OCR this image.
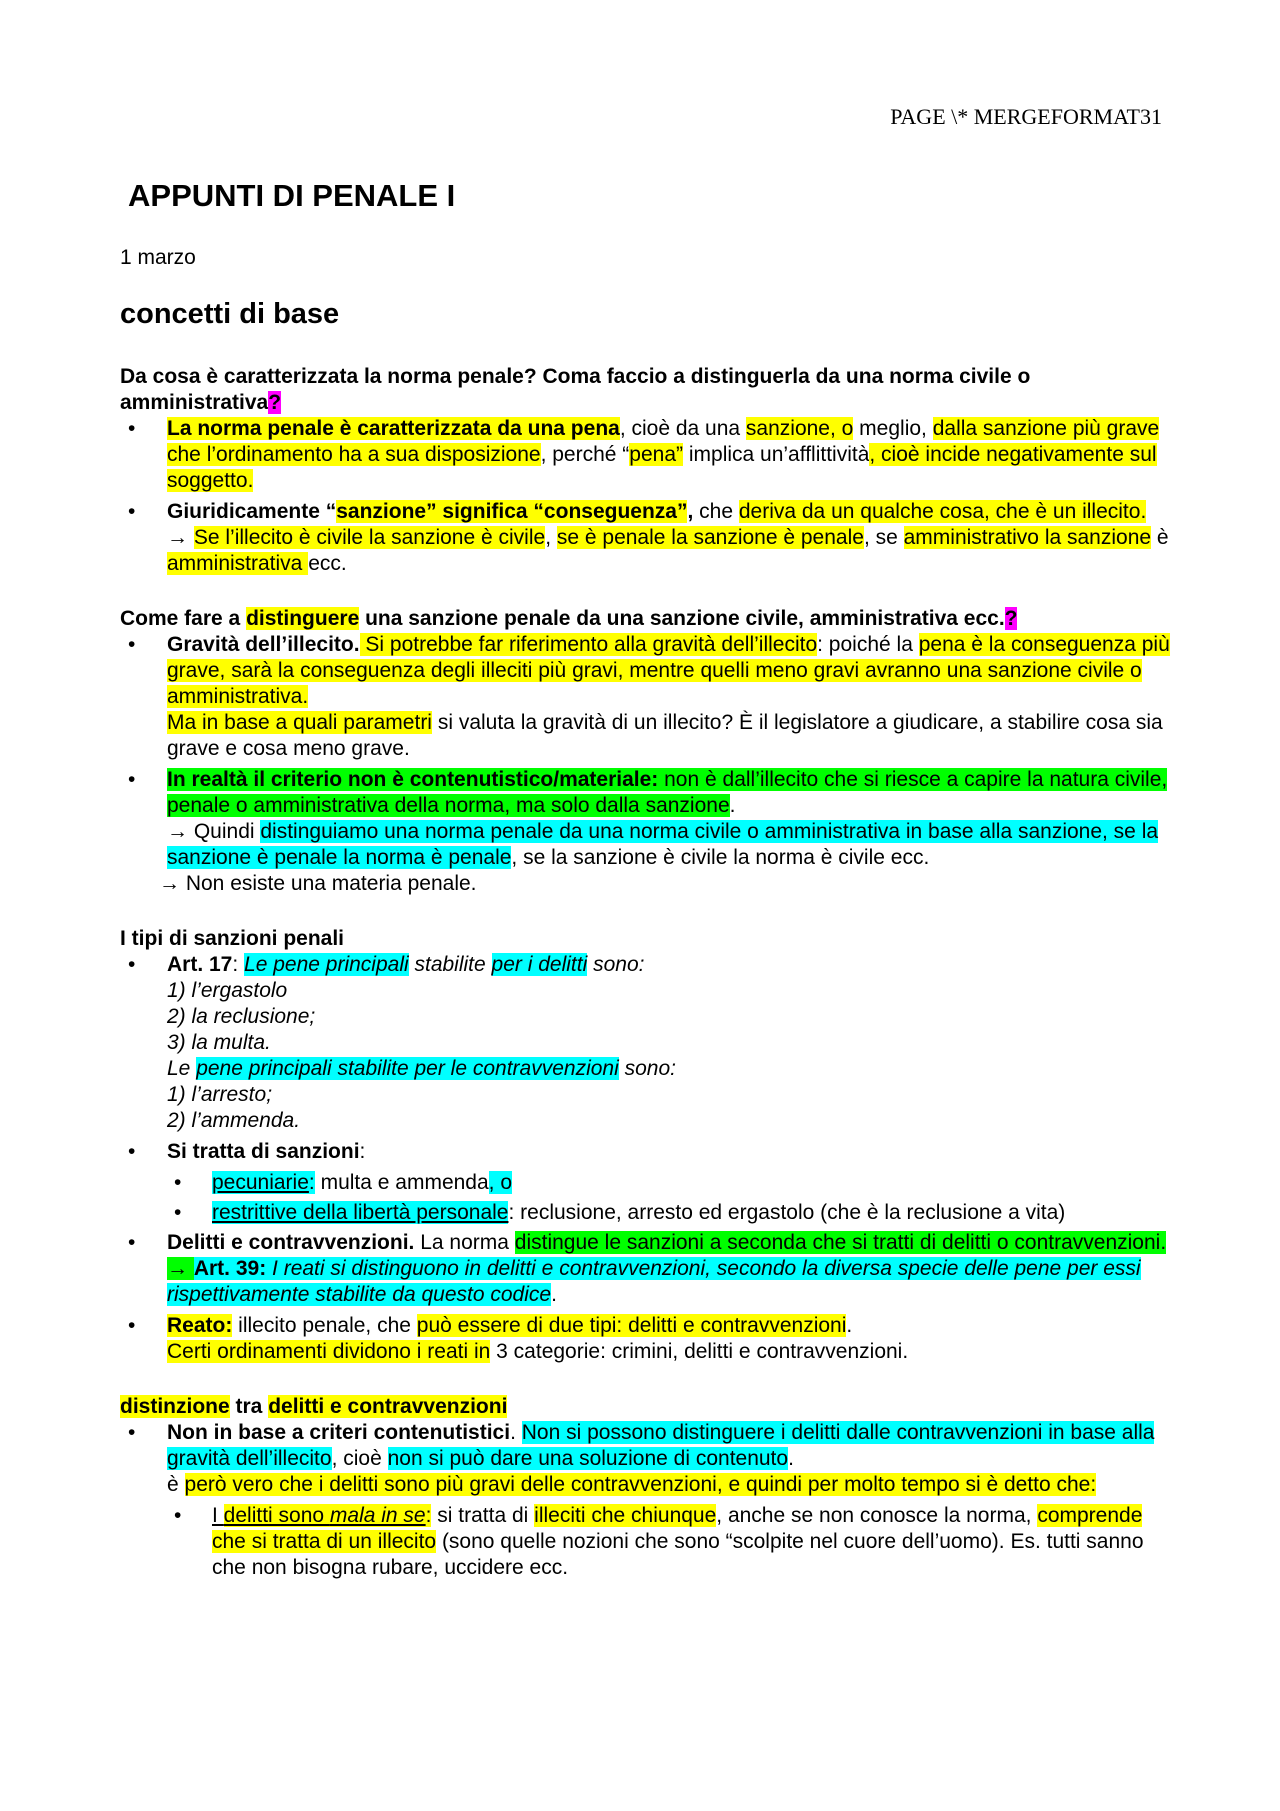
PAGE \* MERGEFORMAT31
APPUNTI DI PENALE I

1 marzo

concetti di base

Da cosa è caratterizzata la norma penale? Coma faccio a distinguerla da una norma civile o amministrativa?

• La norma penale è caratterizzata da una pena, cioè da una sanzione, o meglio, dalla sanzione più grave che l’ordinamento ha a sua disposizione, perché “pena” implica un’afflittività, cioè incide negativamente sul soggetto.
• Giuridicamente “sanzione” significa “conseguenza”, che deriva da un qualche cosa, che è un illecito. → Se l’illecito è civile la sanzione è civile, se è penale la sanzione è penale, se amministrativo la sanzione è amministrativa ecc.

Come fare a distinguere una sanzione penale da una sanzione civile, amministrativa ecc.?

• Gravità dell’illecito. Si potrebbe far riferimento alla gravità dell’illecito: poiché la pena è la conseguenza più grave, sarà la conseguenza degli illeciti più gravi, mentre quelli meno gravi avranno una sanzione civile o amministrativa.
Ma in base a quali parametri si valuta la gravità di un illecito? È il legislatore a giudicare, a stabilire cosa sia grave e cosa meno grave.
• In realtà il criterio non è contenutistico/materiale: non è dall’illecito che si riesce a capire la natura civile, penale o amministrativa della norma, ma solo dalla sanzione.
→ Quindi distinguiamo una norma penale da una norma civile o amministrativa in base alla sanzione, se la sanzione è penale la norma è penale, se la sanzione è civile la norma è civile ecc.
→ Non esiste una materia penale.

I tipi di sanzioni penali

• Art. 17: Le pene principali stabilite per i delitti sono:
1) l’ergastolo
2) la reclusione;
3) la multa.
Le pene principali stabilite per le contravvenzioni sono:
1) l’arresto;
2) l’ammenda.
• Si tratta di sanzioni:
• pecuniarie: multa e ammenda, o
• restrittive della libertà personale: reclusione, arresto ed ergastolo (che è la reclusione a vita)
• Delitti e contravvenzioni. La norma distingue le sanzioni a seconda che si tratti di delitti o contravvenzioni. → Art. 39: I reati si distinguono in delitti e contravvenzioni, secondo la diversa specie delle pene per essi rispettivamente stabilite da questo codice.
• Reato: illecito penale, che può essere di due tipi: delitti e contravvenzioni.
Certi ordinamenti dividono i reati in 3 categorie: crimini, delitti e contravvenzioni.

distinzione tra delitti e contravvenzioni

• Non in base a criteri contenutistici. Non si possono distinguere i delitti dalle contravvenzioni in base alla gravità dell’illecito, cioè non si può dare una soluzione di contenuto.
è però vero che i delitti sono più gravi delle contravvenzioni, e quindi per molto tempo si è detto che:
• I delitti sono mala in se: si tratta di illeciti che chiunque, anche se non conosce la norma, comprende che si tratta di un illecito (sono quelle nozioni che sono “scolpite nel cuore dell’uomo). Es. tutti sanno che non bisogna rubare, uccidere ecc.
